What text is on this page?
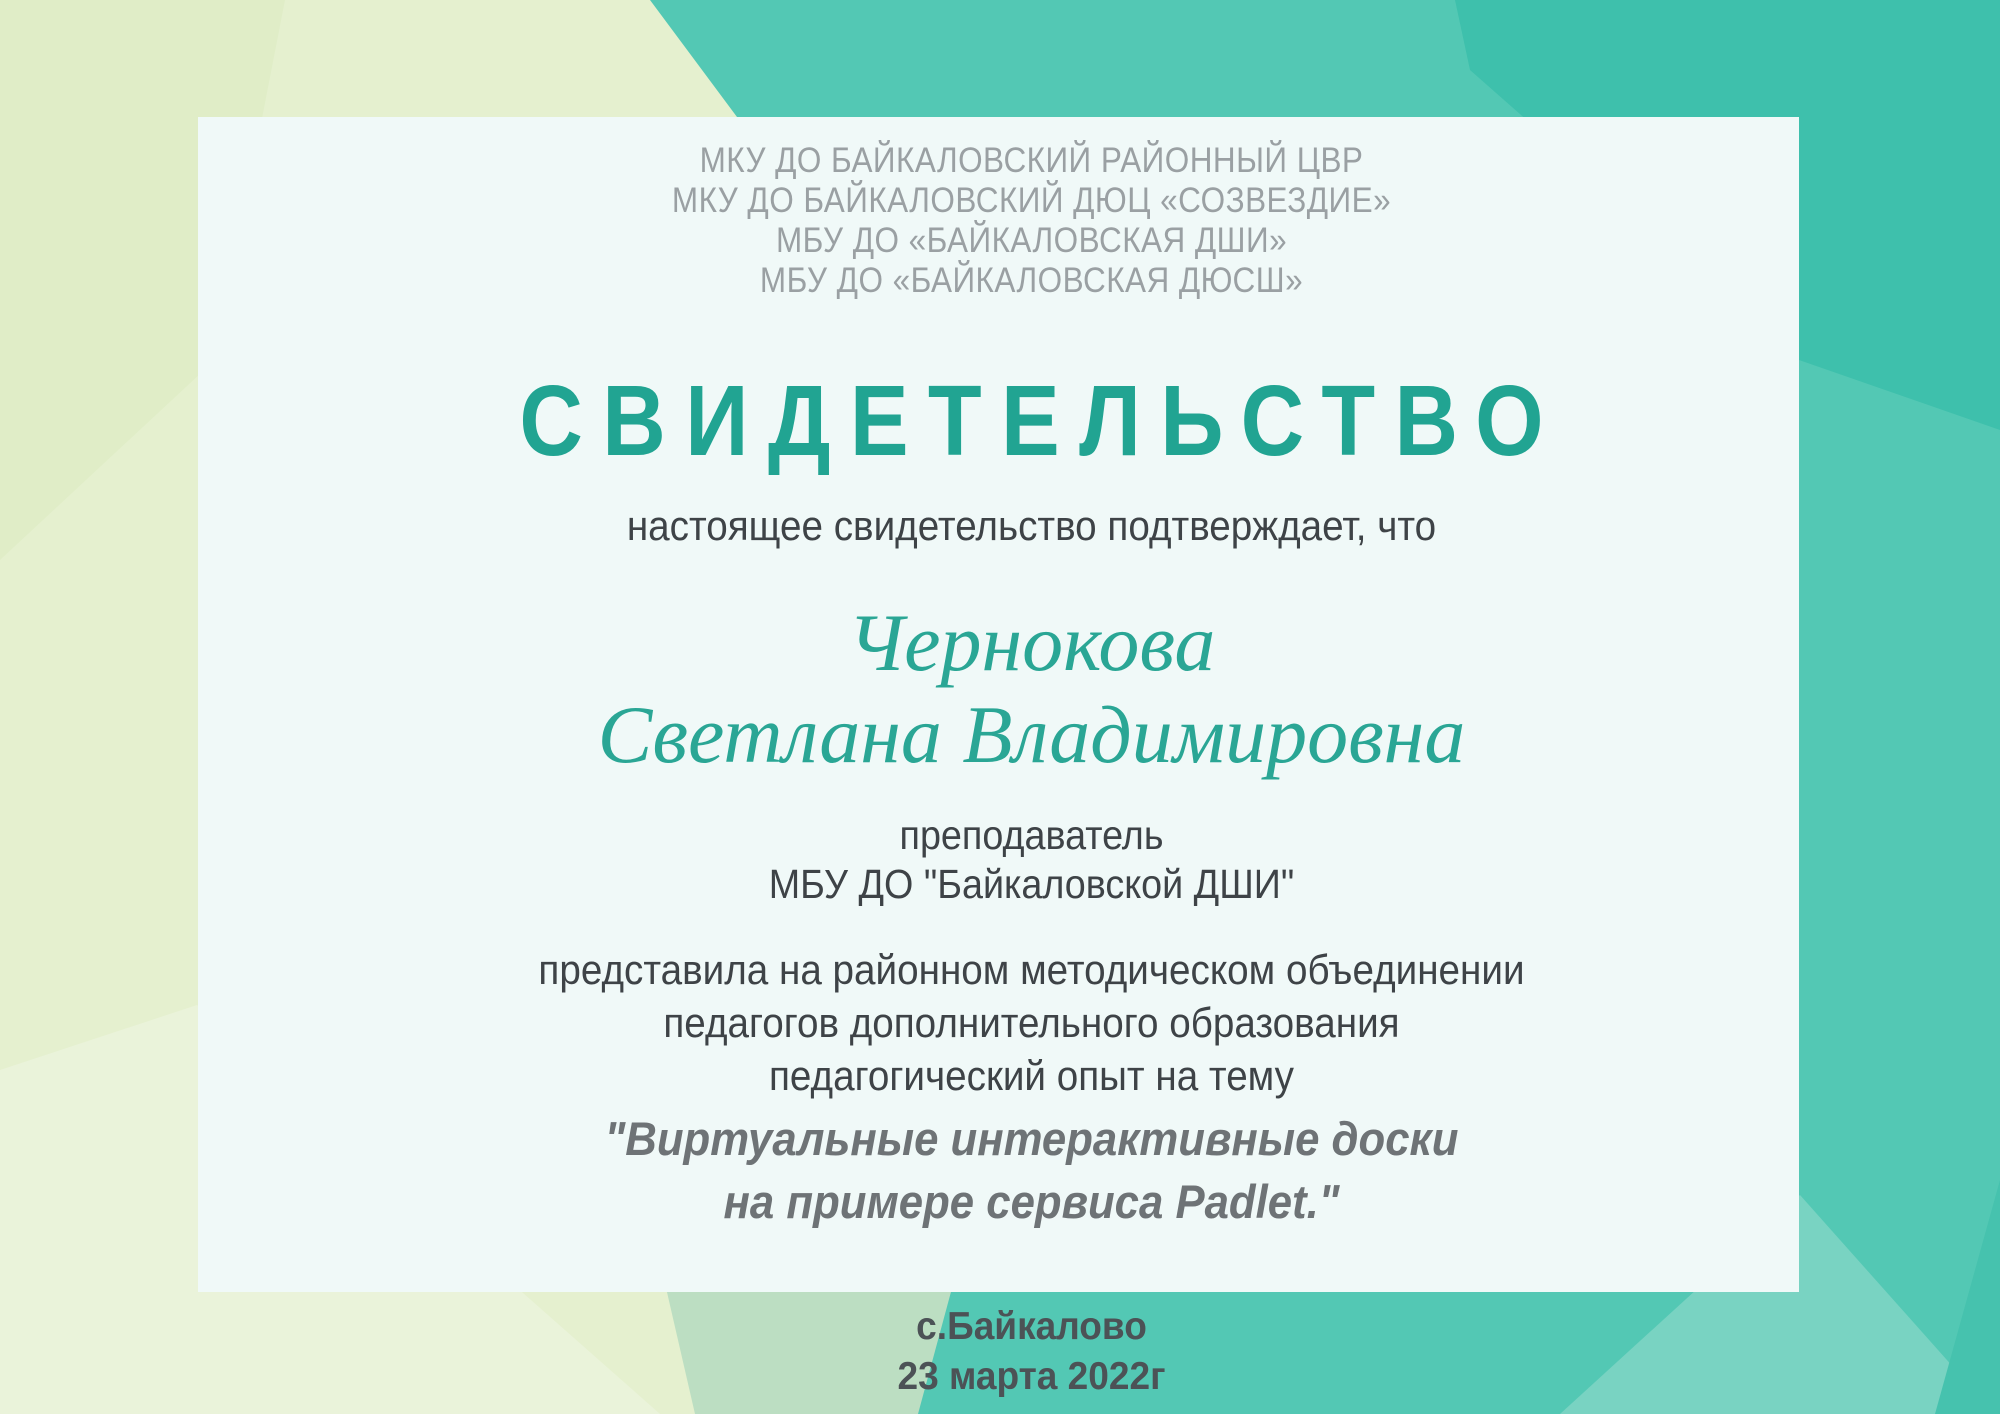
МКУ ДО БАЙКАЛОВСКИЙ РАЙОННЫЙ ЦВР
МКУ ДО БАЙКАЛОВСКИЙ ДЮЦ «СОЗВЕЗДИЕ»
МБУ ДО «БАЙКАЛОВСКАЯ ДШИ»
МБУ ДО «БАЙКАЛОВСКАЯ ДЮСШ»
СВИДЕТЕЛЬСТВО

настоящее свидетельство подтверждает, что

Чернокова
Светлана Владимировна
преподаватель
МБУ ДО "Байкаловской ДШИ"
представила на районном методическом объединении
педагогов дополнительного образования
педагогический опыт на тему
"Виртуальные интерактивные доски
на примере сервиса Padlet."
с.Байкалово
23 марта 2022г
